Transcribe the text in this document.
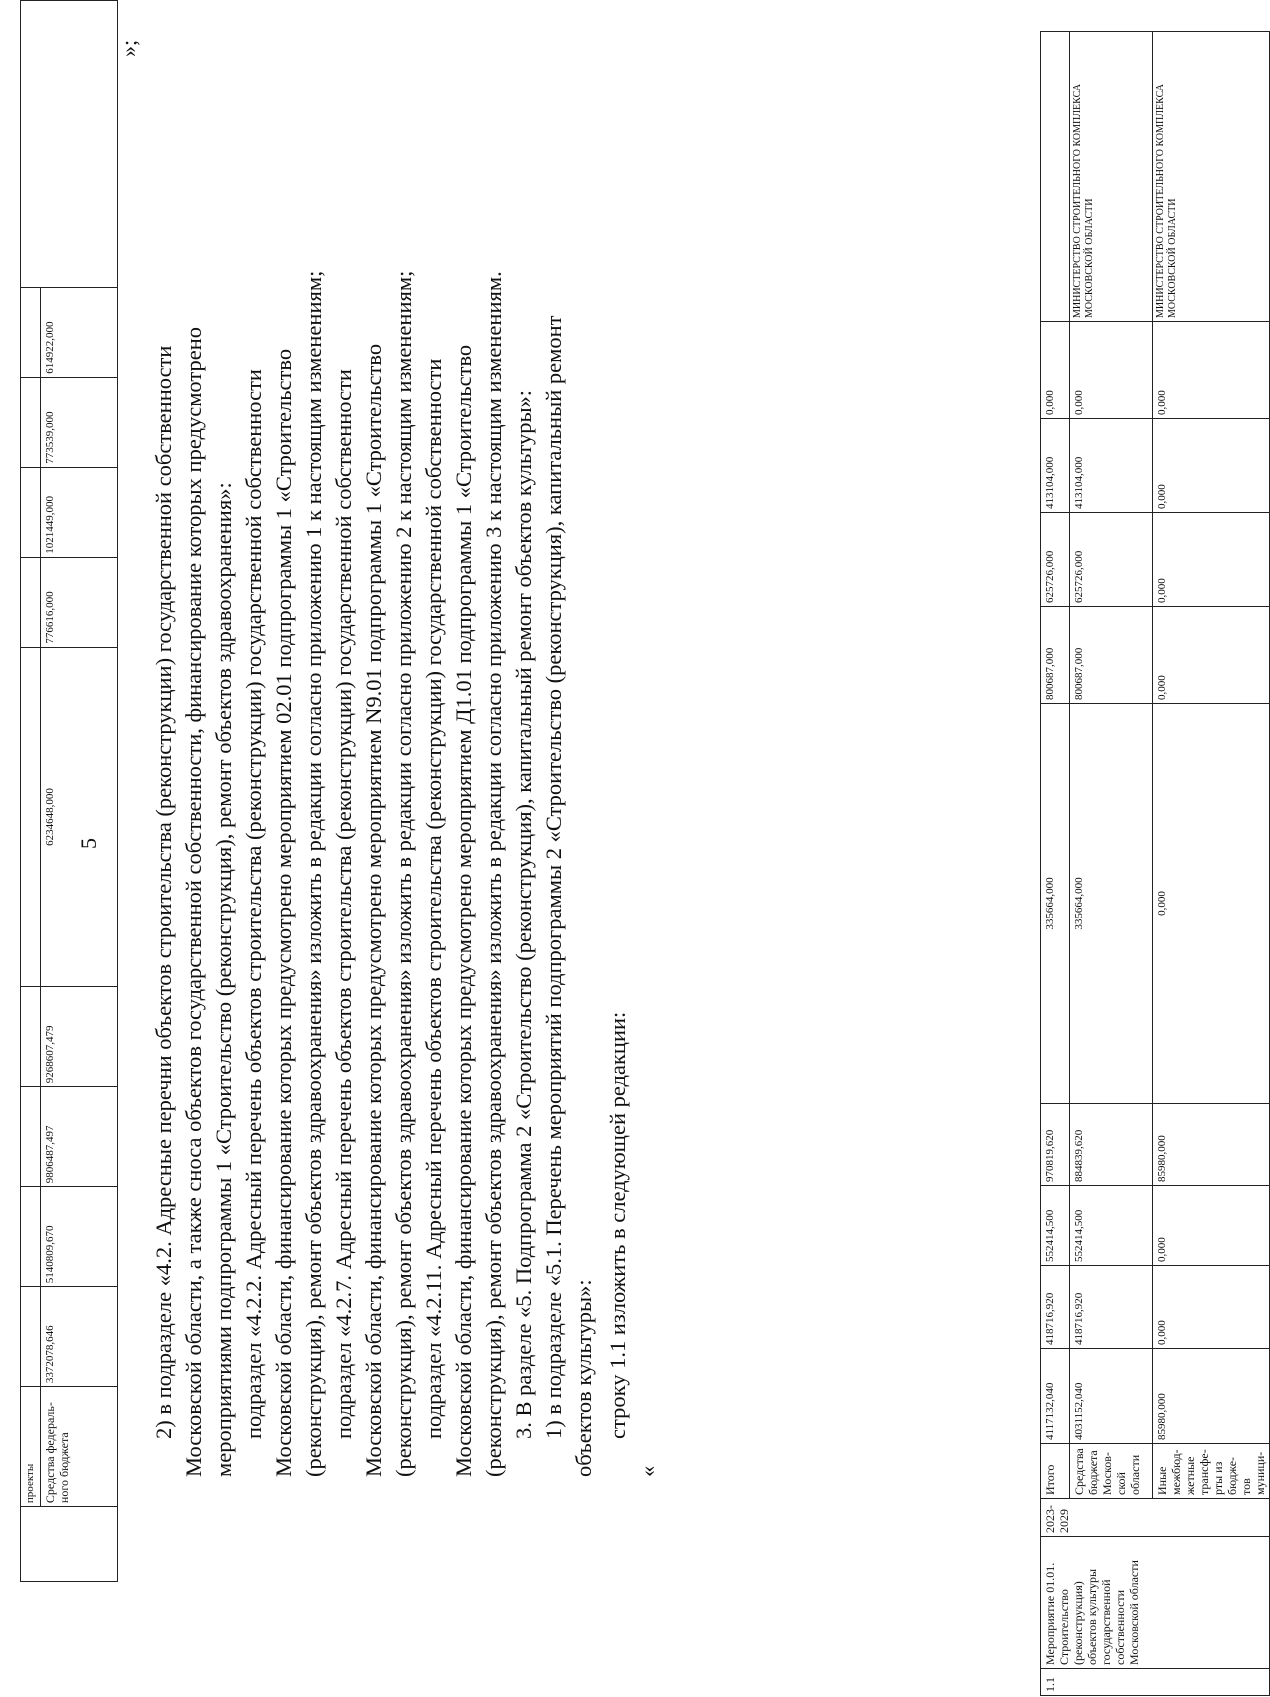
5
	проекты										
	Средства федераль-ного бюджета	3372078,646	5140809,670	9806487,497	9268607,479	6234648,000	776616,000	1021449,000	773539,000	614922,000	
»;
2) в подразделе «4.2. Адресные перечни объектов строительства (реконструкции) государственной собственности Московской области, а также сноса объектов государственной собственности, финансирование которых предусмотрено мероприятиями подпрограммы 1 «Строительство (реконструкция), ремонт объектов здравоохранения»: подраздел «4.2.2. Адресный перечень объектов строительства (реконструкции) государственной собственности Московской области, финансирование которых предусмотрено мероприятием 02.01 подпрограммы 1 «Строительство (реконструкция), ремонт объектов здравоохранения» изложить в редакции согласно приложению 1 к настоящим изменениям; подраздел «4.2.7. Адресный перечень объектов строительства (реконструкции) государственной собственности Московской области, финансирование которых предусмотрено мероприятием N9.01 подпрограммы 1 «Строительство (реконструкция), ремонт объектов здравоохранения» изложить в редакции согласно приложению 2 к настоящим изменениям; подраздел «4.2.11. Адресный перечень объектов строительства (реконструкции) государственной собственности Московской области, финансирование которых предусмотрено мероприятием Д1.01 подпрограммы 1 «Строительство (реконструкция), ремонт объектов здравоохранения» изложить в редакции согласно приложению 3 к настоящим изменениям. 3. В разделе «5. Подпрограмма 2 «Строительство (реконструкция), капитальный ремонт объектов культуры»: 1) в подразделе «5.1. Перечень мероприятий подпрограммы 2 «Строительство (реконструкция), капитальный ремонт объектов культуры»: строку 1.1 изложить в следующей редакции:
«
1.1	Мероприятие 01.01. Строительство (реконструкция) объектов культуры государственной собственности Московской области	2023-2029	Итого	4117132,040	418716,920	552414,500	970819,620	335664,000	800687,000	625726,000	413104,000	0,000	
			Средства бюджета Москов-ской области	4031152,040	418716,920	552414,500	884839,620	335664,000	800687,000	625726,000	413104,000	0,000	МИНИСТЕРСТВО СТРОИТЕЛЬНОГО КОМПЛЕКСА МОСКОВСКОЙ ОБЛАСТИ
			Иные межбюд-жетные трансфе-рты из бюдже-тов муници-	85980,000	0,000	0,000	85980,000	0,000	0,000	0,000	0,000	0,000	МИНИСТЕРСТВО СТРОИТЕЛЬНОГО КОМПЛЕКСА МОСКОВСКОЙ ОБЛАСТИ
